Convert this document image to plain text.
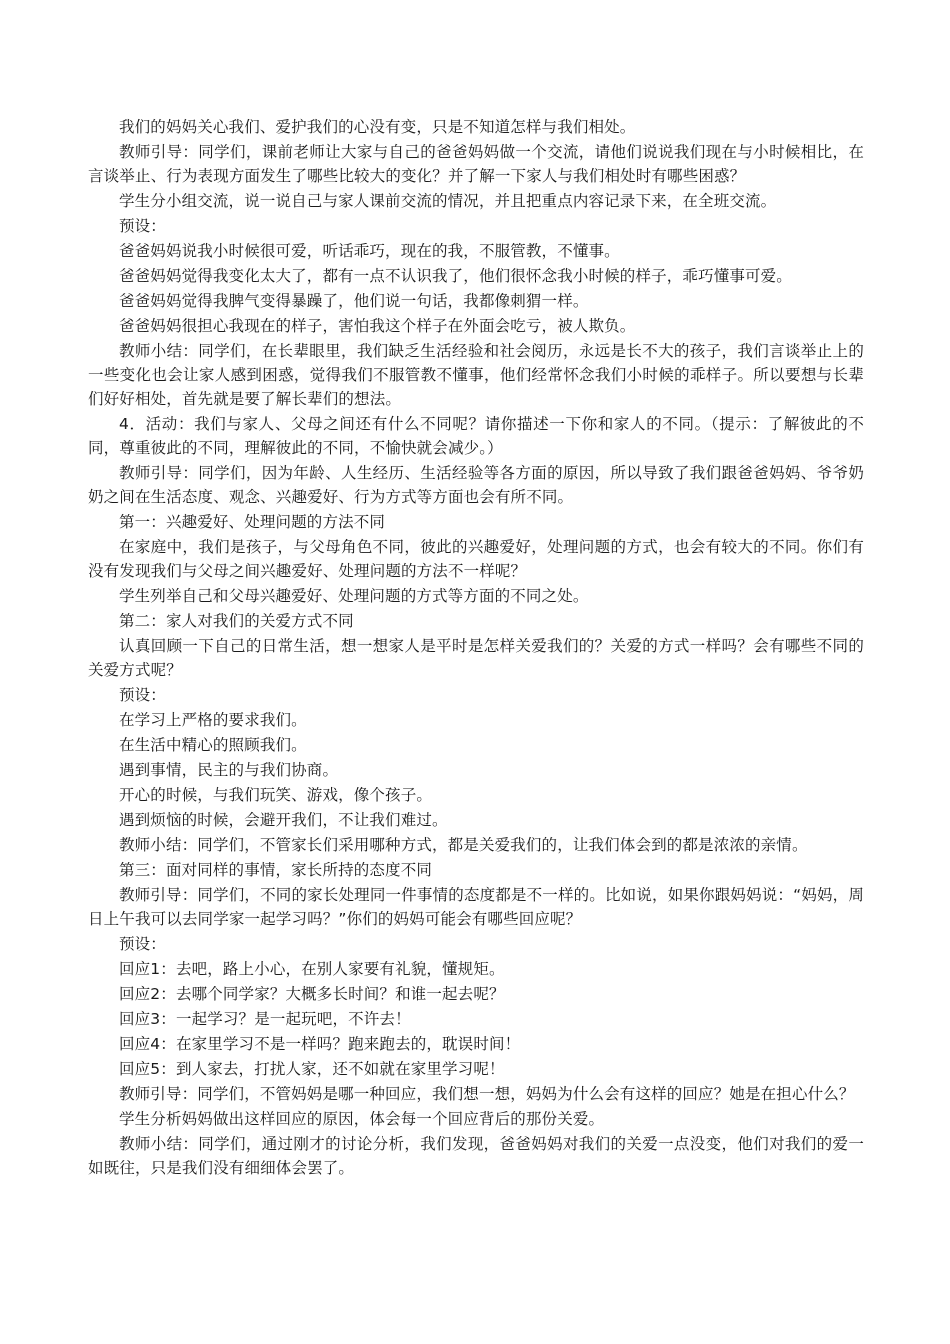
我们的妈妈关心我们、爱护我们的心没有变，只是不知道怎样与我们相处。

教师引导：同学们，课前老师让大家与自己的爸爸妈妈做一个交流，请他们说说我们现在与小时候相比，在言谈举止、行为表现方面发生了哪些比较大的变化？并了解一下家人与我们相处时有哪些困惑？

学生分小组交流，说一说自己与家人课前交流的情况，并且把重点内容记录下来，在全班交流。

预设：

爸爸妈妈说我小时候很可爱，听话乖巧，现在的我，不服管教，不懂事。

爸爸妈妈觉得我变化太大了，都有一点不认识我了，他们很怀念我小时候的样子，乖巧懂事可爱。

爸爸妈妈觉得我脾气变得暴躁了，他们说一句话，我都像刺猬一样。

爸爸妈妈很担心我现在的样子，害怕我这个样子在外面会吃亏，被人欺负。

教师小结：同学们，在长辈眼里，我们缺乏生活经验和社会阅历，永远是长不大的孩子，我们言谈举止上的一些变化也会让家人感到困惑，觉得我们不服管教不懂事，他们经常怀念我们小时候的乖样子。所以要想与长辈们好好相处，首先就是要了解长辈们的想法。

4．活动：我们与家人、父母之间还有什么不同呢？请你描述一下你和家人的不同。（提示：了解彼此的不同，尊重彼此的不同，理解彼此的不同，不愉快就会减少。）

教师引导：同学们，因为年龄、人生经历、生活经验等各方面的原因，所以导致了我们跟爸爸妈妈、爷爷奶奶之间在生活态度、观念、兴趣爱好、行为方式等方面也会有所不同。

第一：兴趣爱好、处理问题的方法不同

在家庭中，我们是孩子，与父母角色不同，彼此的兴趣爱好，处理问题的方式，也会有较大的不同。你们有没有发现我们与父母之间兴趣爱好、处理问题的方法不一样呢？

学生列举自己和父母兴趣爱好、处理问题的方式等方面的不同之处。

第二：家人对我们的关爱方式不同

认真回顾一下自己的日常生活，想一想家人是平时是怎样关爱我们的？关爱的方式一样吗？会有哪些不同的关爱方式呢？

预设：

在学习上严格的要求我们。

在生活中精心的照顾我们。

遇到事情，民主的与我们协商。

开心的时候，与我们玩笑、游戏，像个孩子。

遇到烦恼的时候，会避开我们，不让我们难过。

教师小结：同学们，不管家长们采用哪种方式，都是关爱我们的，让我们体会到的都是浓浓的亲情。

第三：面对同样的事情，家长所持的态度不同

教师引导：同学们，不同的家长处理同一件事情的态度都是不一样的。比如说，如果你跟妈妈说：“妈妈，周日上午我可以去同学家一起学习吗？”你们的妈妈可能会有哪些回应呢？

预设：

回应1：去吧，路上小心，在别人家要有礼貌，懂规矩。

回应2：去哪个同学家？大概多长时间？和谁一起去呢？

回应3：一起学习？是一起玩吧，不许去！

回应4：在家里学习不是一样吗？跑来跑去的，耽误时间！

回应5：到人家去，打扰人家，还不如就在家里学习呢！

教师引导：同学们，不管妈妈是哪一种回应，我们想一想，妈妈为什么会有这样的回应？她是在担心什么？

学生分析妈妈做出这样回应的原因，体会每一个回应背后的那份关爱。

教师小结：同学们，通过刚才的讨论分析，我们发现，爸爸妈妈对我们的关爱一点没变，他们对我们的爱一如既往，只是我们没有细细体会罢了。
